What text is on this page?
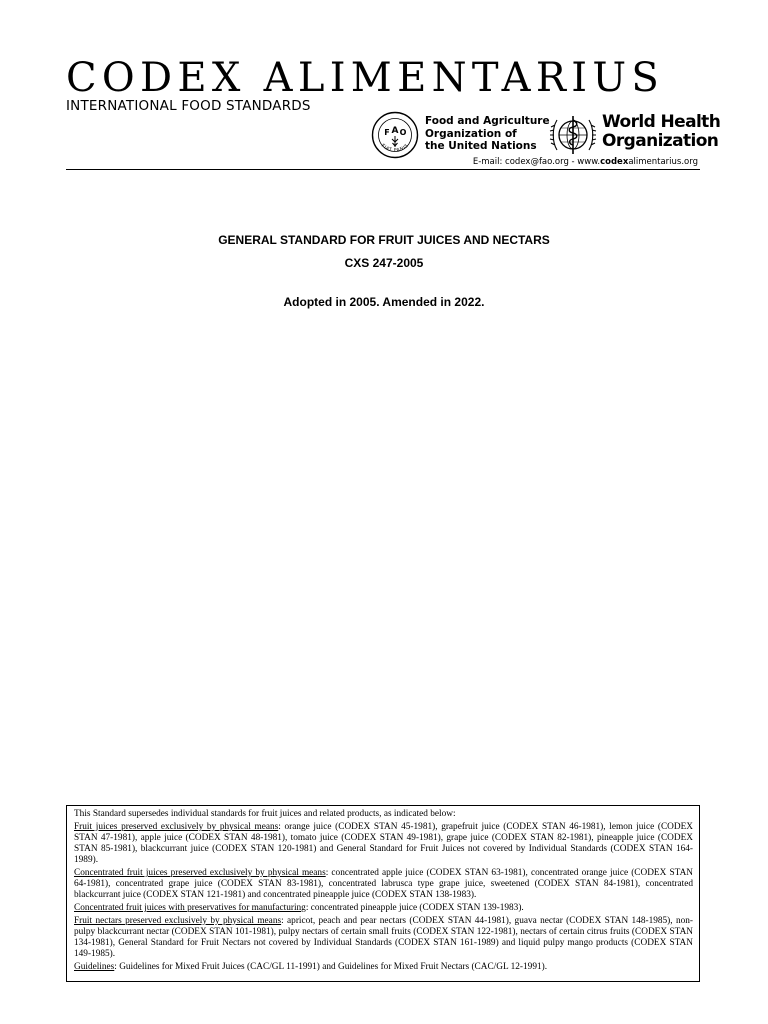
CODEX ALIMENTARIUS
INTERNATIONAL FOOD STANDARDS
A
F O
FIAT PANIS
Food and Agriculture
Organization of
the United Nations
World Health
Organization
E-mail: codex@fao.org - www.codexalimentarius.org
GENERAL STANDARD FOR FRUIT JUICES AND NECTARS
CXS 247-2005
Adopted in 2005. Amended in 2022.

This Standard supersedes individual standards for fruit juices and related products, as indicated below:

Fruit juices preserved exclusively by physical means: orange juice (CODEX STAN 45-1981), grapefruit juice (CODEX STAN 46-1981), lemon juice (CODEX STAN 47-1981), apple juice (CODEX STAN 48-1981), tomato juice (CODEX STAN 49-1981), grape juice (CODEX STAN 82-1981), pineapple juice (CODEX STAN 85-1981), blackcurrant juice (CODEX STAN 120-1981) and General Standard for Fruit Juices not covered by Individual Standards (CODEX STAN 164-1989).

Concentrated fruit juices preserved exclusively by physical means: concentrated apple juice (CODEX STAN 63-1981), concentrated orange juice (CODEX STAN 64-1981), concentrated grape juice (CODEX STAN 83-1981), concentrated labrusca type grape juice, sweetened (CODEX STAN 84-1981), concentrated blackcurrant juice (CODEX STAN 121-1981) and concentrated pineapple juice (CODEX STAN 138-1983).

Concentrated fruit juices with preservatives for manufacturing: concentrated pineapple juice (CODEX STAN 139-1983).

Fruit nectars preserved exclusively by physical means: apricot, peach and pear nectars (CODEX STAN 44-1981), guava nectar (CODEX STAN 148-1985), non-pulpy blackcurrant nectar (CODEX STAN 101-1981), pulpy nectars of certain small fruits (CODEX STAN 122-1981), nectars of certain citrus fruits (CODEX STAN 134-1981), General Standard for Fruit Nectars not covered by Individual Standards (CODEX STAN 161-1989) and liquid pulpy mango products (CODEX STAN 149-1985).

Guidelines: Guidelines for Mixed Fruit Juices (CAC/GL 11-1991) and Guidelines for Mixed Fruit Nectars (CAC/GL 12-1991).
